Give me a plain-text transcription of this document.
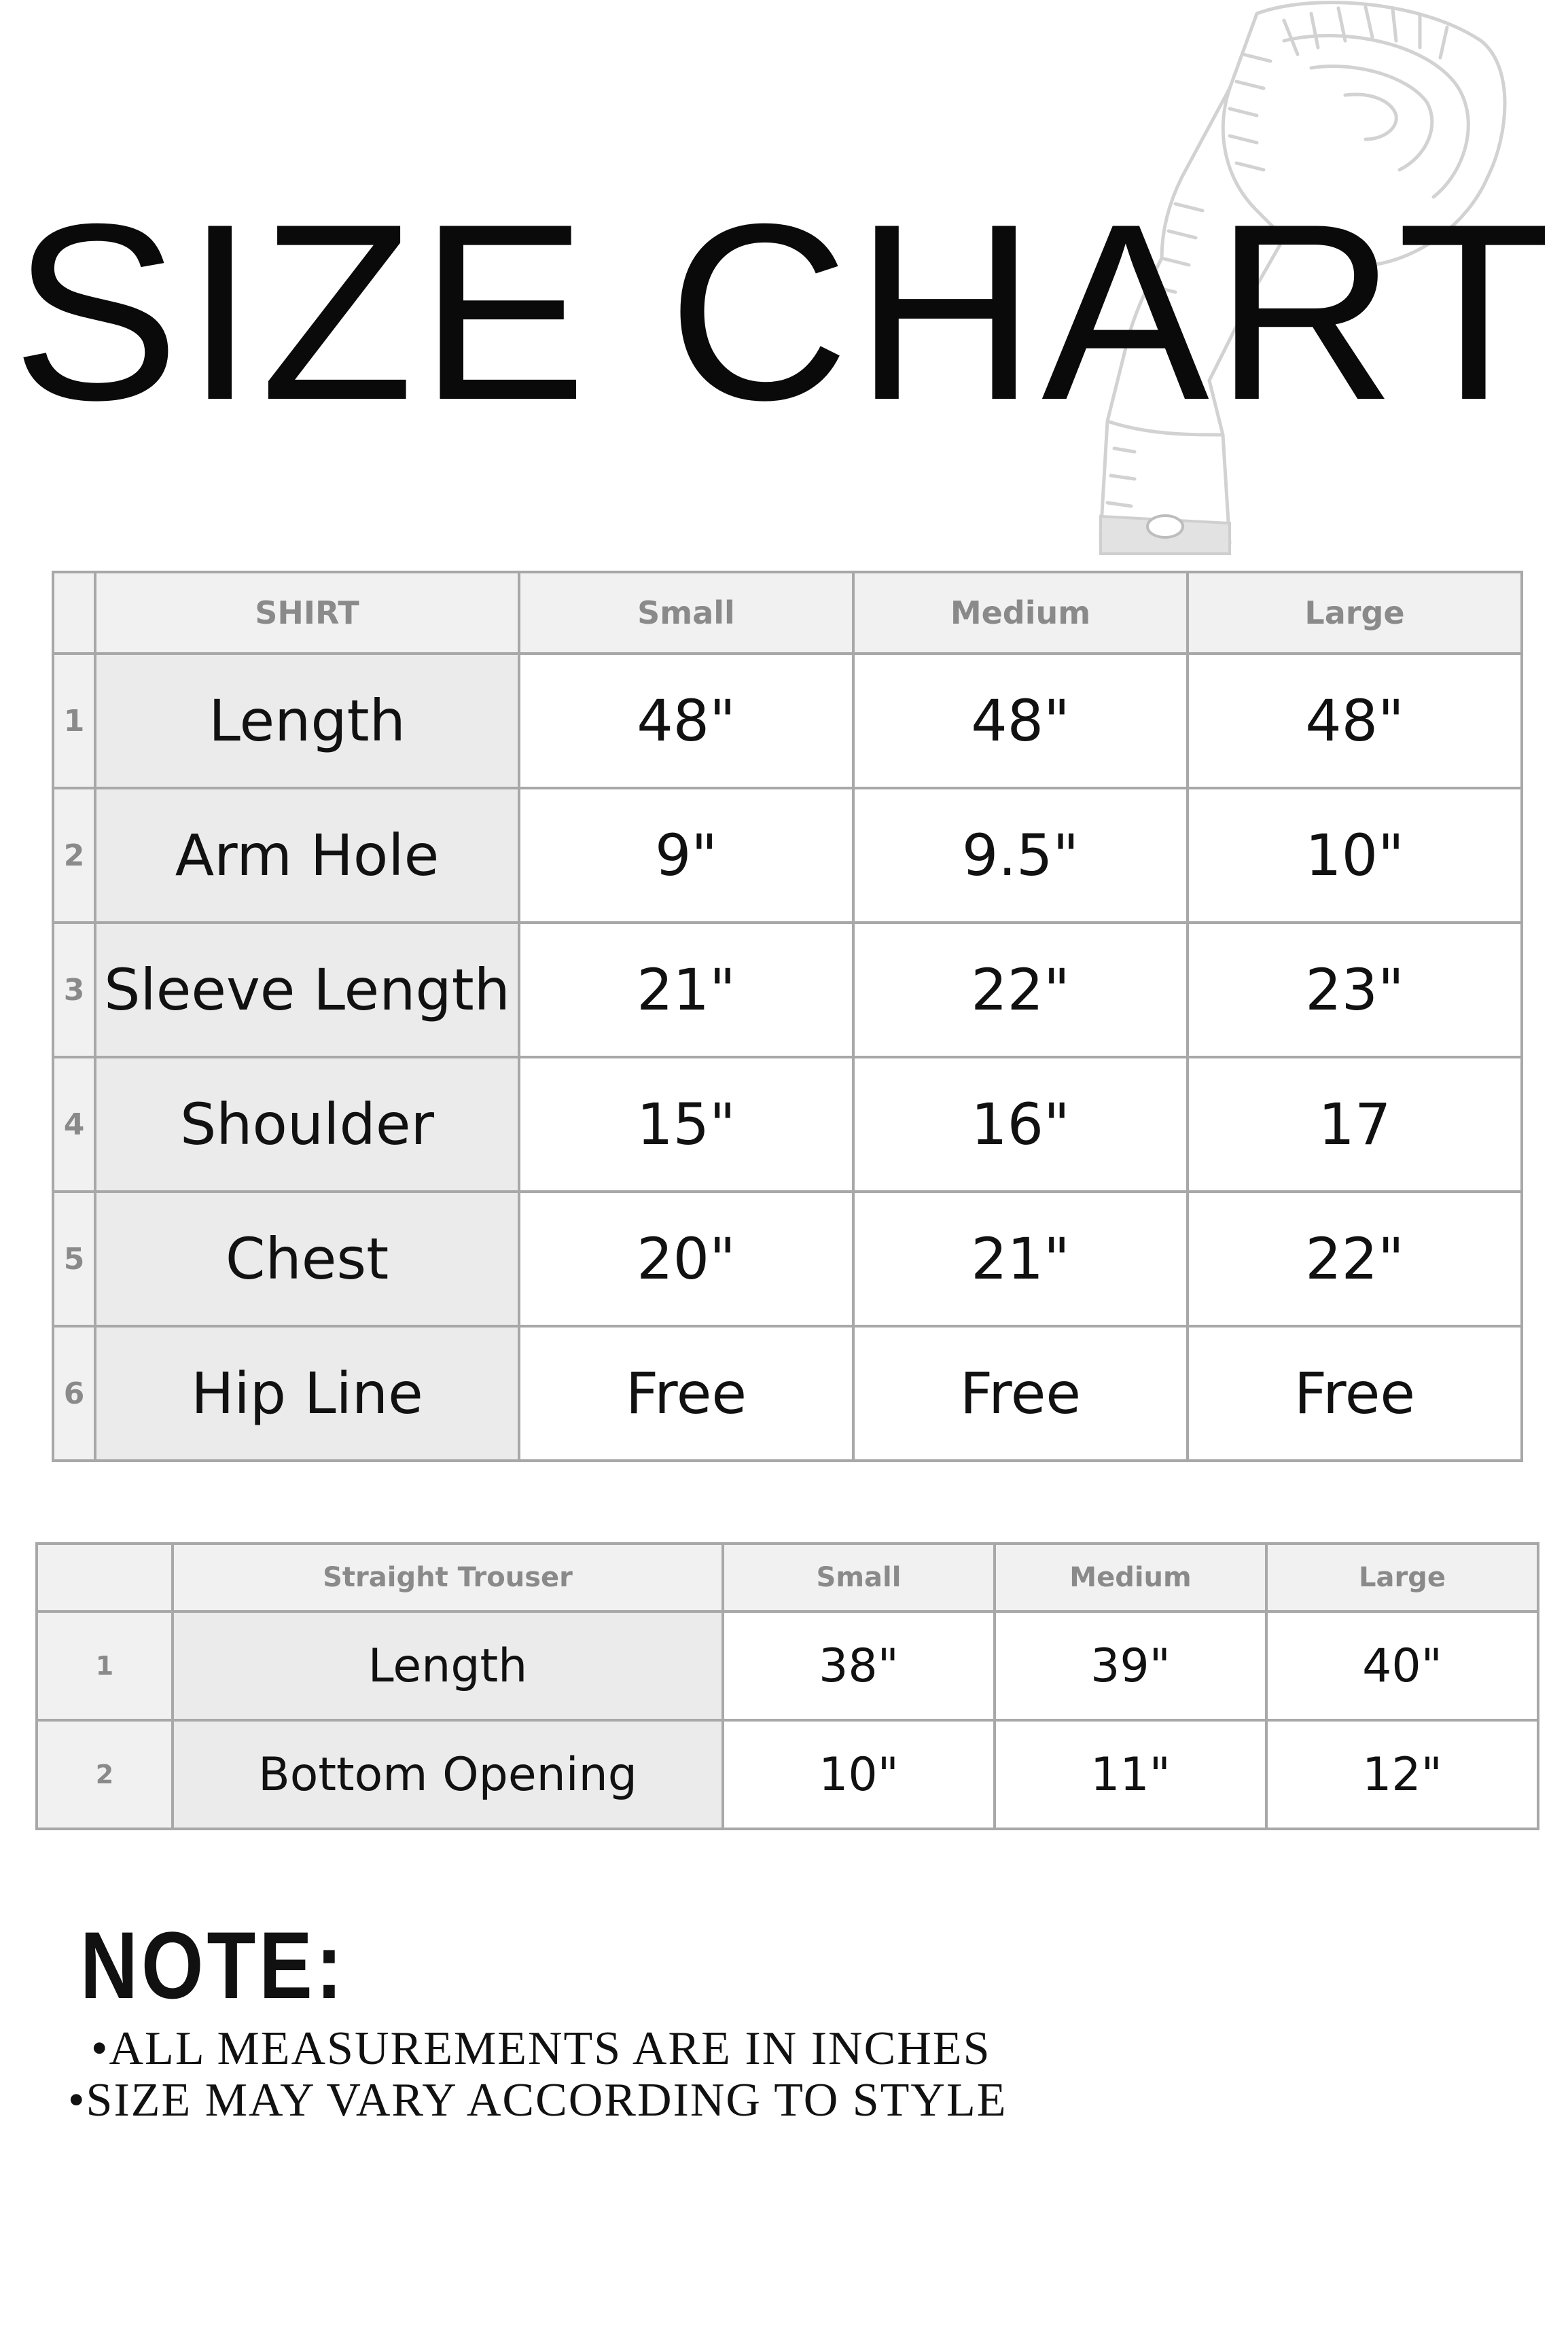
SIZE CHART
	SHIRT	Small	Medium	Large
1	Length	48"	48"	48"
2	Arm Hole	9"	9.5"	10"
3	Sleeve Length	21"	22"	23"
4	Shoulder	15"	16"	17
5	Chest	20"	21"	22"
6	Hip Line	Free	Free	Free
	Straight Trouser	Small	Medium	Large
1	Length	38"	39"	40"
2	Bottom Opening	10"	11"	12"
NOTE:
•ALL MEASUREMENTS ARE IN INCHES
•SIZE MAY VARY ACCORDING TO STYLE
